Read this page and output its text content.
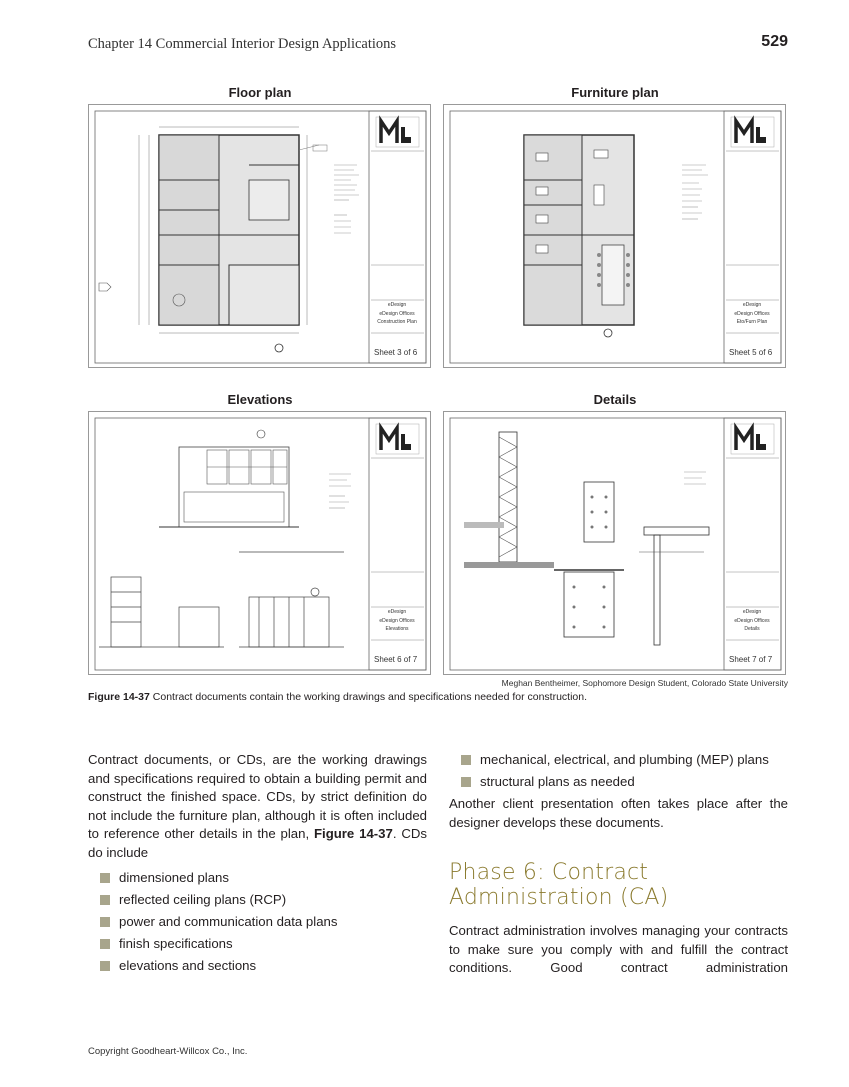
Chapter 14 Commercial Interior Design Applications	529
Floor plan	Furniture plan
Elevations	Details
eDesign
eDesign Offices
Construction Plan
Sheet 3 of 6
eDesign
eDesign Offices
Eto/Furn Plan
Sheet 5 of 6
eDesign
eDesign Offices
Elevations
Sheet 6 of 7
eDesign
eDesign Offices
Details
Sheet 7 of 7
Meghan Bentheimer, Sophomore Design Student, Colorado State University
Figure 14-37 Contract documents contain the working drawings and specifications needed for construction.
Contract documents, or CDs, are the working drawings and specifications required to obtain a building permit and construct the finished space. CDs, by strict definition do not include the furniture plan, although it is often included to reference other details in the plan, Figure 14-37. CDs do include
dimensioned plans
reflected ceiling plans (RCP)
power and communication data plans
finish specifications
elevations and sections
mechanical, electrical, and plumbing (MEP) plans
structural plans as needed
Another client presentation often takes place after the designer develops these documents.
Phase 6: Contract
Administration (CA)
Contract administration involves managing your contracts to make sure you comply with and fulfill the contract conditions. Good contract administration
Copyright Goodheart-Willcox Co., Inc.
